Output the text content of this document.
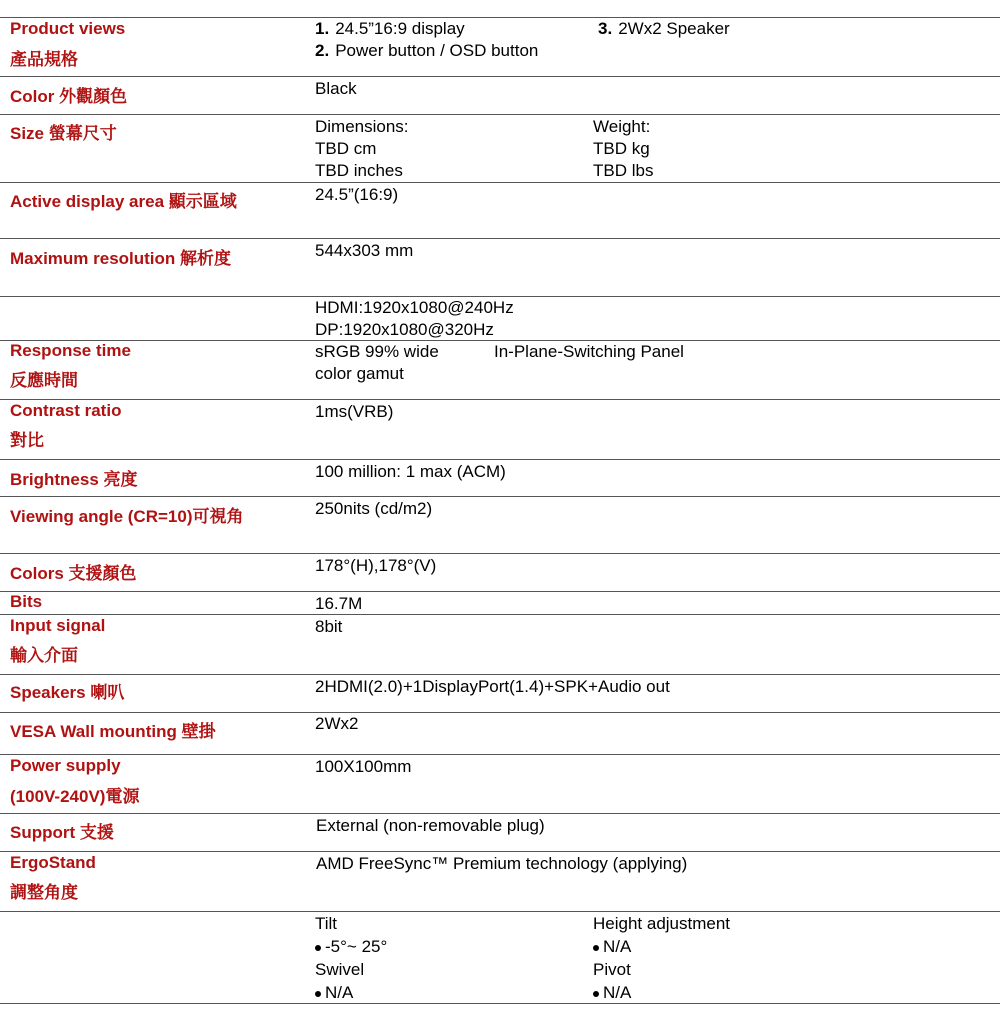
Product views
產品規格
Color 外觀顏色
Size 螢幕尺寸
Active display area 顯示區域
Maximum resolution 解析度
Response time
反應時間
Contrast ratio
對比
Brightness 亮度
Viewing angle (CR=10)可視角
Colors 支援顏色
Bits
Input signal
輸入介面
Speakers 喇叭
VESA Wall mounting 壁掛
Power supply
(100V-240V)電源
Support 支援
ErgoStand
調整角度
1. 24.5”16:9 display
2. Power button / OSD button
3. 2Wx2 Speaker
Black
Dimensions:
TBD cm
TBD inches
Weight:
TBD kg
TBD lbs
24.5”(16:9)
544x303 mm
HDMI:1920x1080@240Hz
DP:1920x1080@320Hz
sRGB 99% wide
color gamut
In-Plane-Switching Panel
1ms(VRB)
100 million: 1 max (ACM)
250nits (cd/m2)
178°(H),178°(V)
16.7M
8bit
2HDMI(2.0)+1DisplayPort(1.4)+SPK+Audio out
2Wx2
100X100mm
External (non-removable plug)
AMD FreeSync™ Premium technology (applying)
Tilt
-5°~ 25°
Swivel
N/A
Height adjustment
N/A
Pivot
N/A
